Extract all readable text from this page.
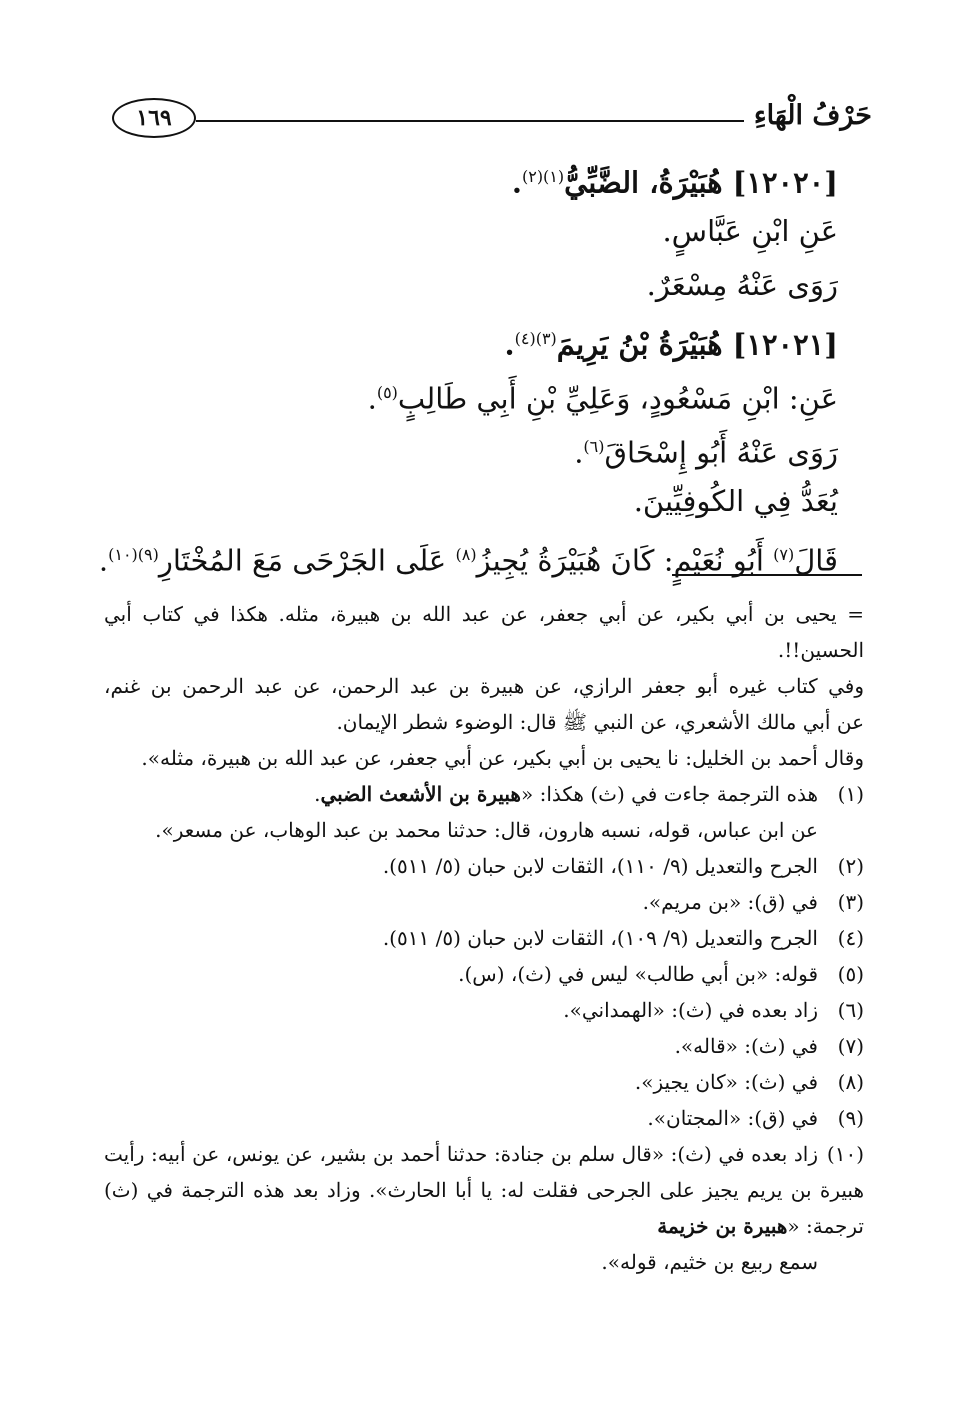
حَرْفُ الْهَاءِ
١٦٩
[١٢٠٢٠] هُبَيْرَةُ، الضَّبِّيُّ$^{(١)(٢)}$.
عَنِ ابْنِ عَبَّاسٍ.
رَوَى عَنْهُ مِسْعَرٌ.
[١٢٠٢١] هُبَيْرَةُ بْنُ يَرِيمَ$^{(٣)(٤)}$.
عَنِ: ابْنِ مَسْعُودٍ، وَعَلِيِّ بْنِ أَبِي طَالِبٍ$^{(٥)}$.
رَوَى عَنْهُ أَبُو إِسْحَاقَ$^{(٦)}$.
يُعَدُّ فِي الكُوفِيِّينَ.
قَالَ$^{(٧)}$ أَبُو نُعَيْمٍ: كَانَ هُبَيْرَةُ يُجِيزُ$^{(٨)}$ عَلَى الجَرْحَى مَعَ المُخْتَارِ$^{(٩)(١٠)}$.
= يحيى بن أبي بكير، عن أبي جعفر، عن عبد الله بن هبيرة، مثله. هكذا في كتاب أبي
الحسين!!.
وفي كتاب غيره أبو جعفر الرازي، عن هبيرة بن عبد الرحمن، عن عبد الرحمن بن غنم،
عن أبي مالك الأشعري، عن النبي ﷺ قال: الوضوء شطر الإيمان.
وقال أحمد بن الخليل: نا يحيى بن أبي بكير، عن أبي جعفر، عن عبد الله بن هبيرة، مثله».
(١)
هذه الترجمة جاءت في (ث) هكذا: «هبيرة بن الأشعث الضبي.
عن ابن عباس، قوله، نسبه هارون، قال: حدثنا محمد بن عبد الوهاب، عن مسعر».
(٢)
الجرح والتعديل (٩/ ١١٠)، الثقات لابن حبان (٥/ ٥١١).
(٣)
في (ق): «بن مريم».
(٤)
الجرح والتعديل (٩/ ١٠٩)، الثقات لابن حبان (٥/ ٥١١).
(٥)
قوله: «بن أبي طالب» ليس في (ث)، (س).
(٦)
زاد بعده في (ث): «الهمداني».
(٧)
في (ث): «قاله».
(٨)
في (ث): «كان يجيز».
(٩)
في (ق): «المجتان».
(١٠)
زاد بعده في (ث): «قال سلم بن جنادة: حدثنا أحمد بن بشير، عن يونس، عن أبيه: رأيت
هبيرة بن يريم يجيز على الجرحى فقلت له: يا أبا الحارث». وزاد بعد هذه الترجمة في (ث)
ترجمة: «هبيرة بن خزيمة
سمع ربيع بن خثيم، قوله».
